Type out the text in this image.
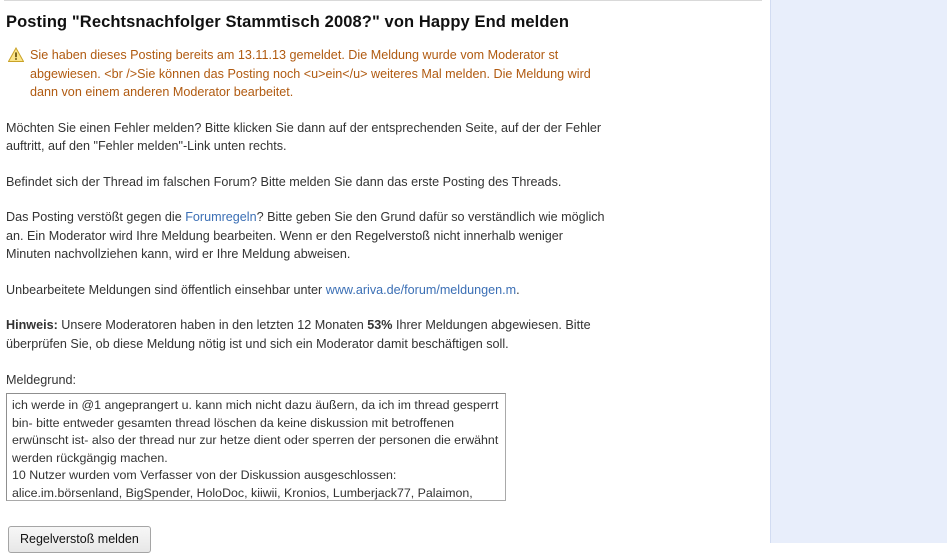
Posting "Rechtsnachfolger Stammtisch 2008?" von Happy End melden
Sie haben dieses Posting bereits am 13.11.13 gemeldet. Die Meldung wurde vom Moderator st abgewiesen. <br />Sie können das Posting noch <u>ein</u> weiteres Mal melden. Die Meldung wird dann von einem anderen Moderator bearbeitet.

Möchten Sie einen Fehler melden? Bitte klicken Sie dann auf der entsprechenden Seite, auf der der Fehler auftritt, auf den "Fehler melden"-Link unten rechts.

Befindet sich der Thread im falschen Forum? Bitte melden Sie dann das erste Posting des Threads.

Das Posting verstößt gegen die Forumregeln? Bitte geben Sie den Grund dafür so verständlich wie möglich an. Ein Moderator wird Ihre Meldung bearbeiten. Wenn er den Regelverstoß nicht innerhalb weniger Minuten nachvollziehen kann, wird er Ihre Meldung abweisen.

Unbearbeitete Meldungen sind öffentlich einsehbar unter www.ariva.de/forum/meldungen.m.

Hinweis: Unsere Moderatoren haben in den letzten 12 Monaten 53% Ihrer Meldungen abgewiesen. Bitte überprüfen Sie, ob diese Meldung nötig ist und sich ein Moderator damit beschäftigen soll.

Meldegrund:
ich werde in @1 angeprangert u. kann mich nicht dazu äußern, da ich im thread gesperrt bin- bitte entweder gesamten thread löschen da keine diskussion mit betroffenen erwünscht ist- also der thread nur zur hetze dient oder sperren der personen die erwähnt werden rückgängig machen. 10 Nutzer wurden vom Verfasser von der Diskussion ausgeschlossen: alice.im.börsenland, BigSpender, HoloDoc, kiiwii, Kronios, Lumberjack77, Palaimon, rüganer, Teras, Thomastradamus
Regelverstoß melden
